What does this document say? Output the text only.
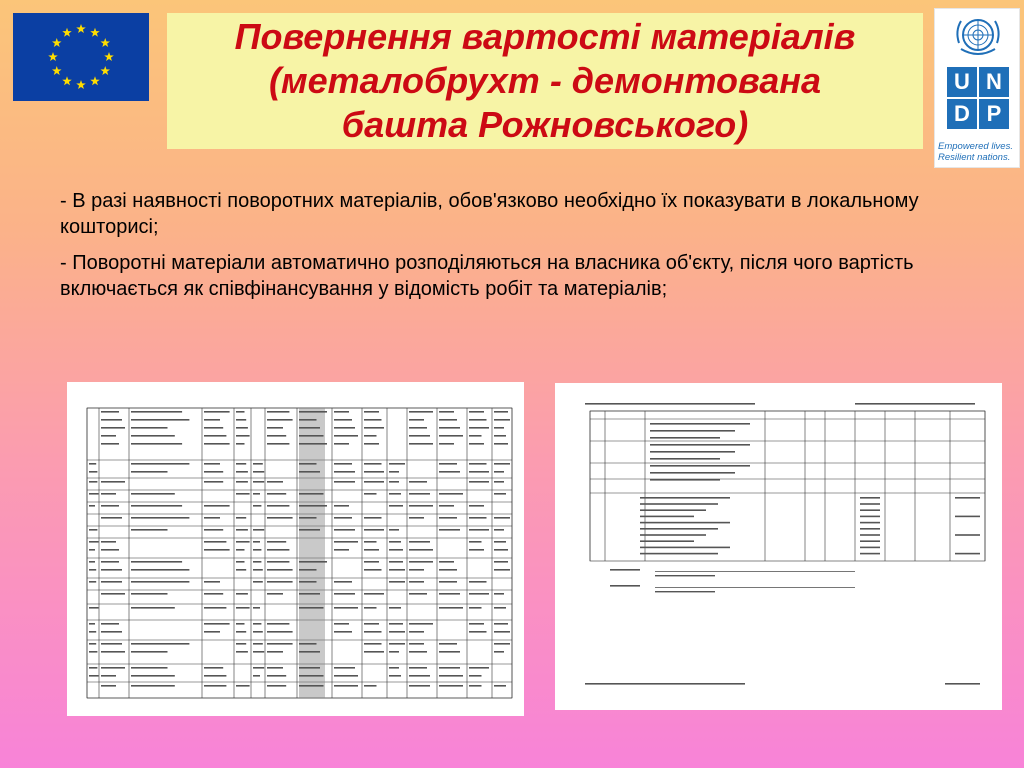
Повернення вартості матеріалів
(металобрухт - демонтована
башта Рожновського)
U N
D P
Empowered lives.
Resilient nations.

- В разі наявності поворотних матеріалів, обов'язково необхідно їх показувати в локальному кошторисі;

- Поворотні матеріали автоматично розподіляються на власника об'єкту, після чого вартість включається як співфінансування у відомість робіт та матеріалів;
